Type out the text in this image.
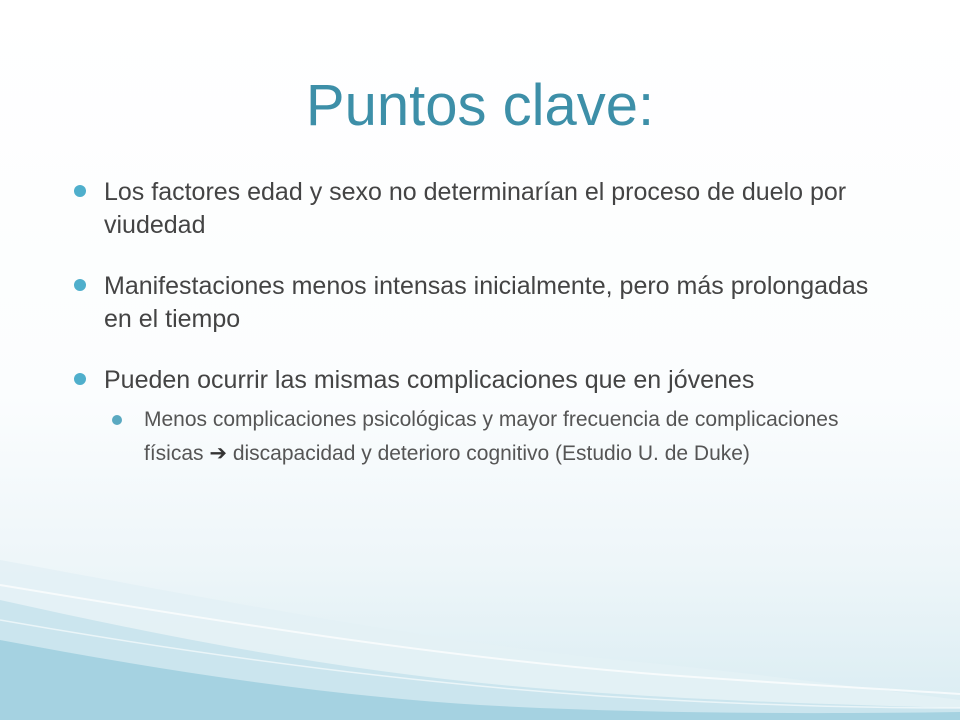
Puntos clave:
Los factores edad y sexo no determinarían el proceso de duelo por viudedad
Manifestaciones menos intensas inicialmente, pero más prolongadas en el tiempo
Pueden ocurrir las mismas complicaciones que en jóvenes
Menos complicaciones psicológicas y mayor frecuencia de complicaciones físicas ➔ discapacidad y deterioro cognitivo (Estudio U. de Duke)
